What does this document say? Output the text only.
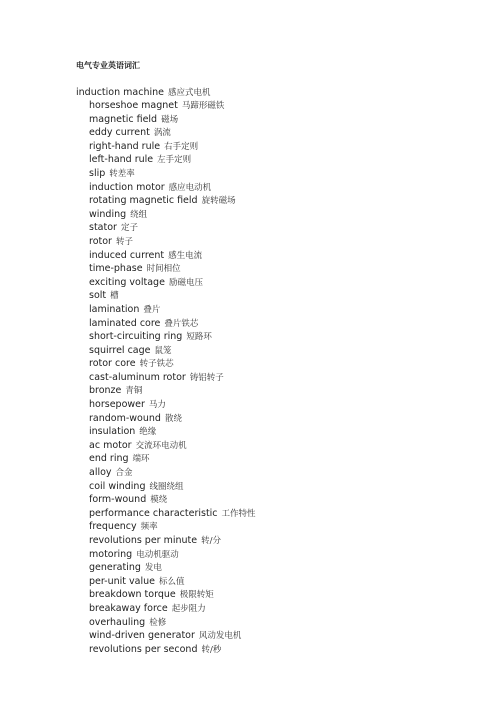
电气专业英语词汇
induction machine 感应式电机
horseshoe magnet 马蹄形磁铁
magnetic field 磁场
eddy current 涡流
right-hand rule 右手定则
left-hand rule 左手定则
slip 转差率
induction motor 感应电动机
rotating magnetic field 旋转磁场
winding 绕组
stator 定子
rotor 转子
induced current 感生电流
time-phase 时间相位
exciting voltage 励磁电压
solt 槽
lamination 叠片
laminated core 叠片铁芯
short-circuiting ring 短路环
squirrel cage 鼠笼
rotor core 转子铁芯
cast-aluminum rotor 铸铝转子
bronze 青铜
horsepower 马力
random-wound 散绕
insulation 绝缘
ac motor 交流环电动机
end ring 端环
alloy 合金
coil winding 线圈绕组
form-wound 模绕
performance characteristic 工作特性
frequency 频率
revolutions per minute 转/分
motoring 电动机驱动
generating 发电
per-unit value 标么值
breakdown torque 极限转矩
breakaway force 起步阻力
overhauling 检修
wind-driven generator 风动发电机
revolutions per second 转/秒
